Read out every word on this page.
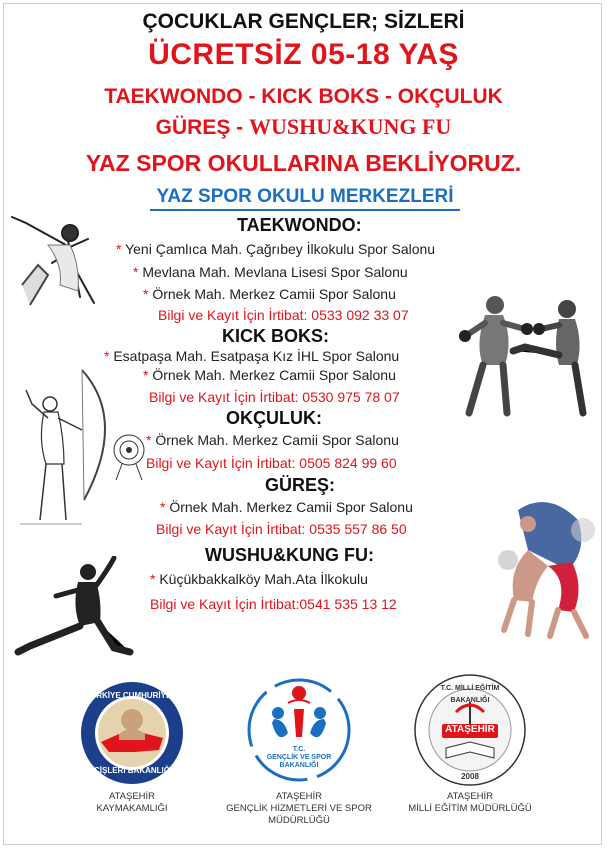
ÇOCUKLAR GENÇLER; SİZLERİ
ÜCRETSİZ 05-18 YAŞ
TAEKWONDO - KICK BOKS - OKÇULUK
GÜREŞ - WUSHU&KUNG FU
YAZ SPOR OKULLARINA BEKLİYORUZ.
YAZ SPOR OKULU MERKEZLERİ
TAEKWONDO:
* Yeni Çamlıca Mah. Çağrıbey İlkokulu Spor Salonu
* Mevlana Mah. Mevlana Lisesi Spor Salonu
* Örnek Mah. Merkez Camii Spor Salonu
Bilgi ve Kayıt İçin İrtibat: 0533 092 33 07
KICK BOKS:
* Esatpaşa Mah. Esatpaşa Kız İHL Spor Salonu
* Örnek Mah. Merkez Camii Spor Salonu
Bilgi ve Kayıt İçin İrtibat: 0530 975 78 07
OKÇULUK:
* Örnek Mah. Merkez Camii Spor Salonu
Bilgi ve Kayıt İçin İrtibat: 0505 824 99 60
GÜREŞ:
* Örnek Mah. Merkez Camii Spor Salonu
Bilgi ve Kayıt İçin İrtibat: 0535 557 86 50
WUSHU&KUNG FU:
* Küçükbakkalköy Mah.Ata İlkokulu
Bilgi ve Kayıt İçin İrtibat:0541 535 13 12
TÜRKİYE CUMHURİYETİ
İÇİŞLERİ BAKANLIĞI
ATAŞEHİR
KAYMAKAMLIĞI
T.C.
GENÇLİK VE SPOR
BAKANLIĞI
ATAŞEHİR
GENÇLİK HİZMETLERİ VE SPOR
MÜDÜRLÜĞÜ
T.C. MİLLİ EĞİTİM BAKANLIĞI
ATAŞEHİR
2008
ATAŞEHİR
MİLLİ EĞİTİM MÜDÜRLÜĞÜ
